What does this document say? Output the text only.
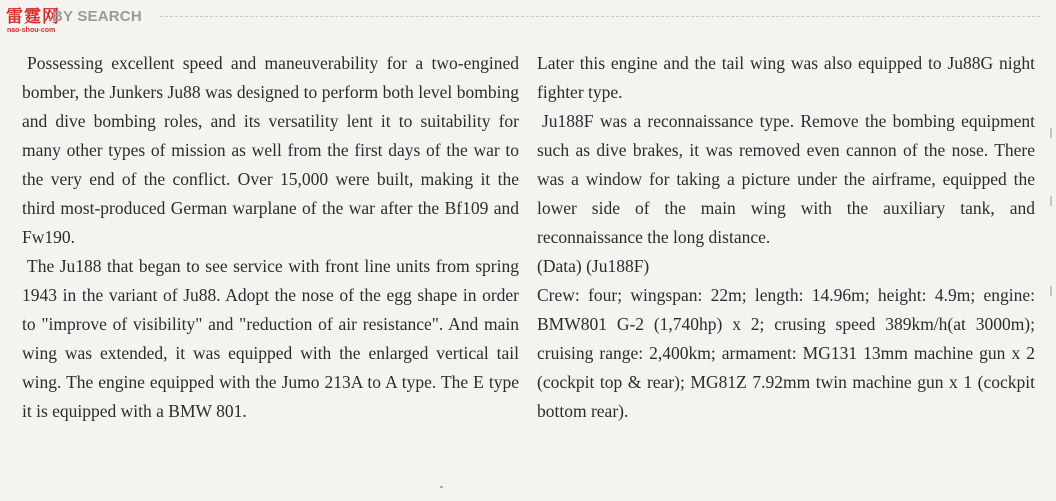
雷霆网
BY SEARCH
nao-shou-com

Possessing excellent speed and maneuverability for a two-engined bomber, the Junkers Ju88 was designed to perform both level bombing and dive bombing roles, and its versatility lent it to suitability for many other types of mission as well from the first days of the war to the very end of the conflict. Over 15,000 were built, making it the third most-produced German warplane of the war after the Bf109 and Fw190.

The Ju188 that began to see service with front line units from spring 1943 in the variant of Ju88. Adopt the nose of the egg shape in order to "improve of visibility" and "reduction of air resistance". And main wing was extended, it was equipped with the enlarged vertical tail wing. The engine equipped with the Jumo 213A to A type. The E type it is equipped with a BMW 801.

Later this engine and the tail wing was also equipped to Ju88G night fighter type.

Ju188F was a reconnaissance type. Remove the bombing equipment such as dive brakes, it was removed even cannon of the nose. There was a window for taking a picture under the airframe, equipped the lower side of the main wing with the auxiliary tank, and reconnaissance the long distance.

(Data) (Ju188F)

Crew: four; wingspan: 22m; length: 14.96m; height: 4.9m; engine: BMW801 G-2 (1,740hp) x 2; crusing speed 389km/h(at 3000m); cruising range: 2,400km; armament: MG131 13mm machine gun x 2 (cockpit top & rear); MG81Z 7.92mm twin machine gun x 1 (cockpit bottom rear).
